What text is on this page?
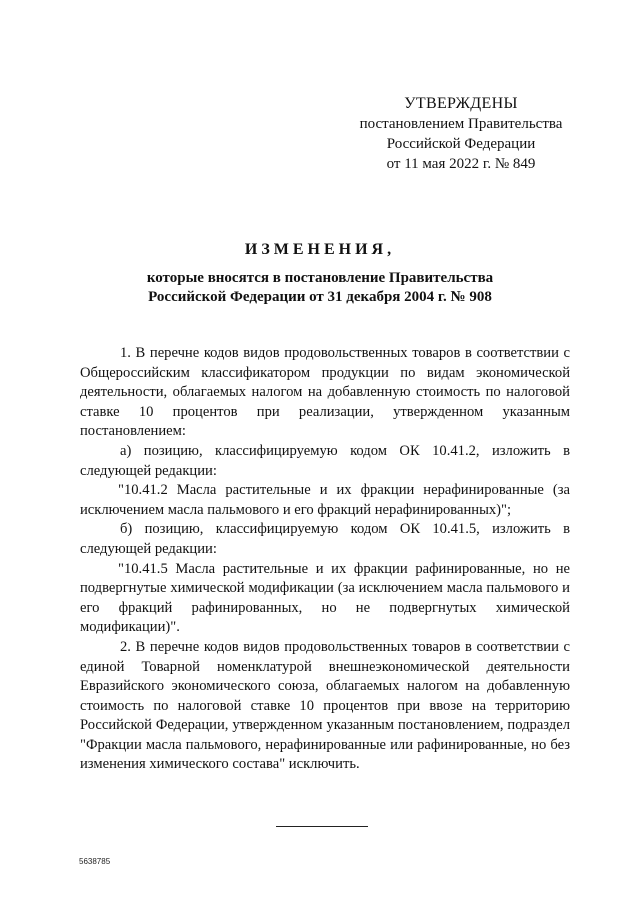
УТВЕРЖДЕНЫ
постановлением Правительства
Российской Федерации
от 11 мая 2022 г. № 849
ИЗМЕНЕНИЯ,
которые вносятся в постановление Правительства
Российской Федерации от 31 декабря 2004 г. № 908

1. В перечне кодов видов продовольственных товаров в соответствии с Общероссийским классификатором продукции по видам экономической деятельности, облагаемых налогом на добавленную стоимость по налоговой ставке 10 процентов при реализации, утвержденном указанным постановлением:

а) позицию, классифицируемую кодом ОК 10.41.2, изложить в следующей редакции:

"10.41.2 Масла растительные и их фракции нерафинированные (за исключением масла пальмового и его фракций нерафинированных)";

б) позицию, классифицируемую кодом ОК 10.41.5, изложить в следующей редакции:

"10.41.5 Масла растительные и их фракции рафинированные, но не подвергнутые химической модификации (за исключением масла пальмового и его фракций рафинированных, но не подвергнутых химической модификации)".

2. В перечне кодов видов продовольственных товаров в соответствии с единой Товарной номенклатурой внешнеэкономической деятельности Евразийского экономического союза, облагаемых налогом на добавленную стоимость по налоговой ставке 10 процентов при ввозе на территорию Российской Федерации, утвержденном указанным постановлением, подраздел "Фракции масла пальмового, нерафинированные или рафинированные, но без изменения химического состава" исключить.

5638785
